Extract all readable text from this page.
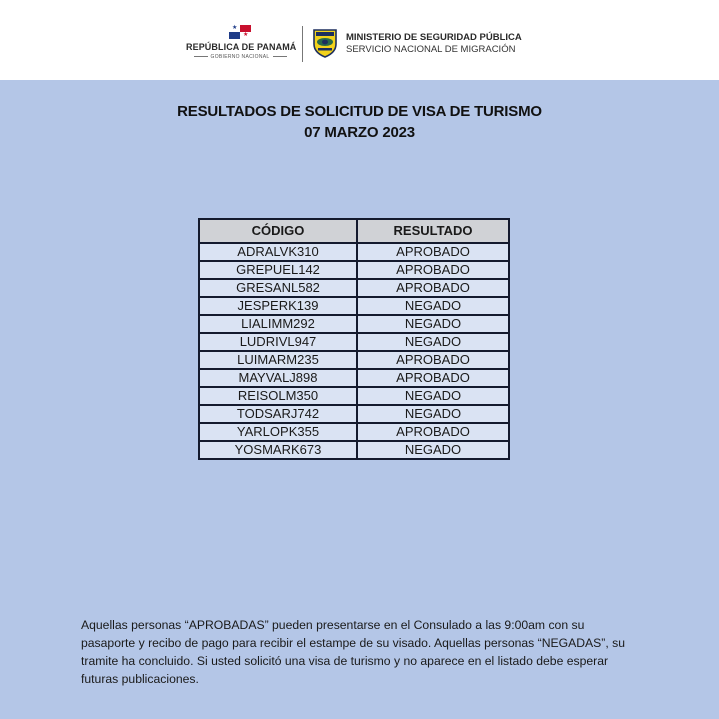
★
★
REPÚBLICA DE PANAMÁ
GOBIERNO NACIONAL
MINISTERIO DE SEGURIDAD PÚBLICA
SERVICIO NACIONAL DE MIGRACIÓN
RESULTADOS DE SOLICITUD DE VISA DE TURISMO
07 MARZO 2023
CÓDIGO	RESULTADO
ADRALVK310	APROBADO
GREPUEL142	APROBADO
GRESANL582	APROBADO
JESPERK139	NEGADO
LIALIMM292	NEGADO
LUDRIVL947	NEGADO
LUIMARM235	APROBADO
MAYVALJ898	APROBADO
REISOLM350	NEGADO
TODSARJ742	NEGADO
YARLOPK355	APROBADO
YOSMARK673	NEGADO
Aquellas personas “APROBADAS” pueden presentarse en el Consulado a las 9:00am con su pasaporte y recibo de pago para recibir el estampe de su visado. Aquellas personas “NEGADAS”, su tramite ha concluido. Si usted solicitó una visa de turismo y no aparece en el listado debe esperar futuras publicaciones.
